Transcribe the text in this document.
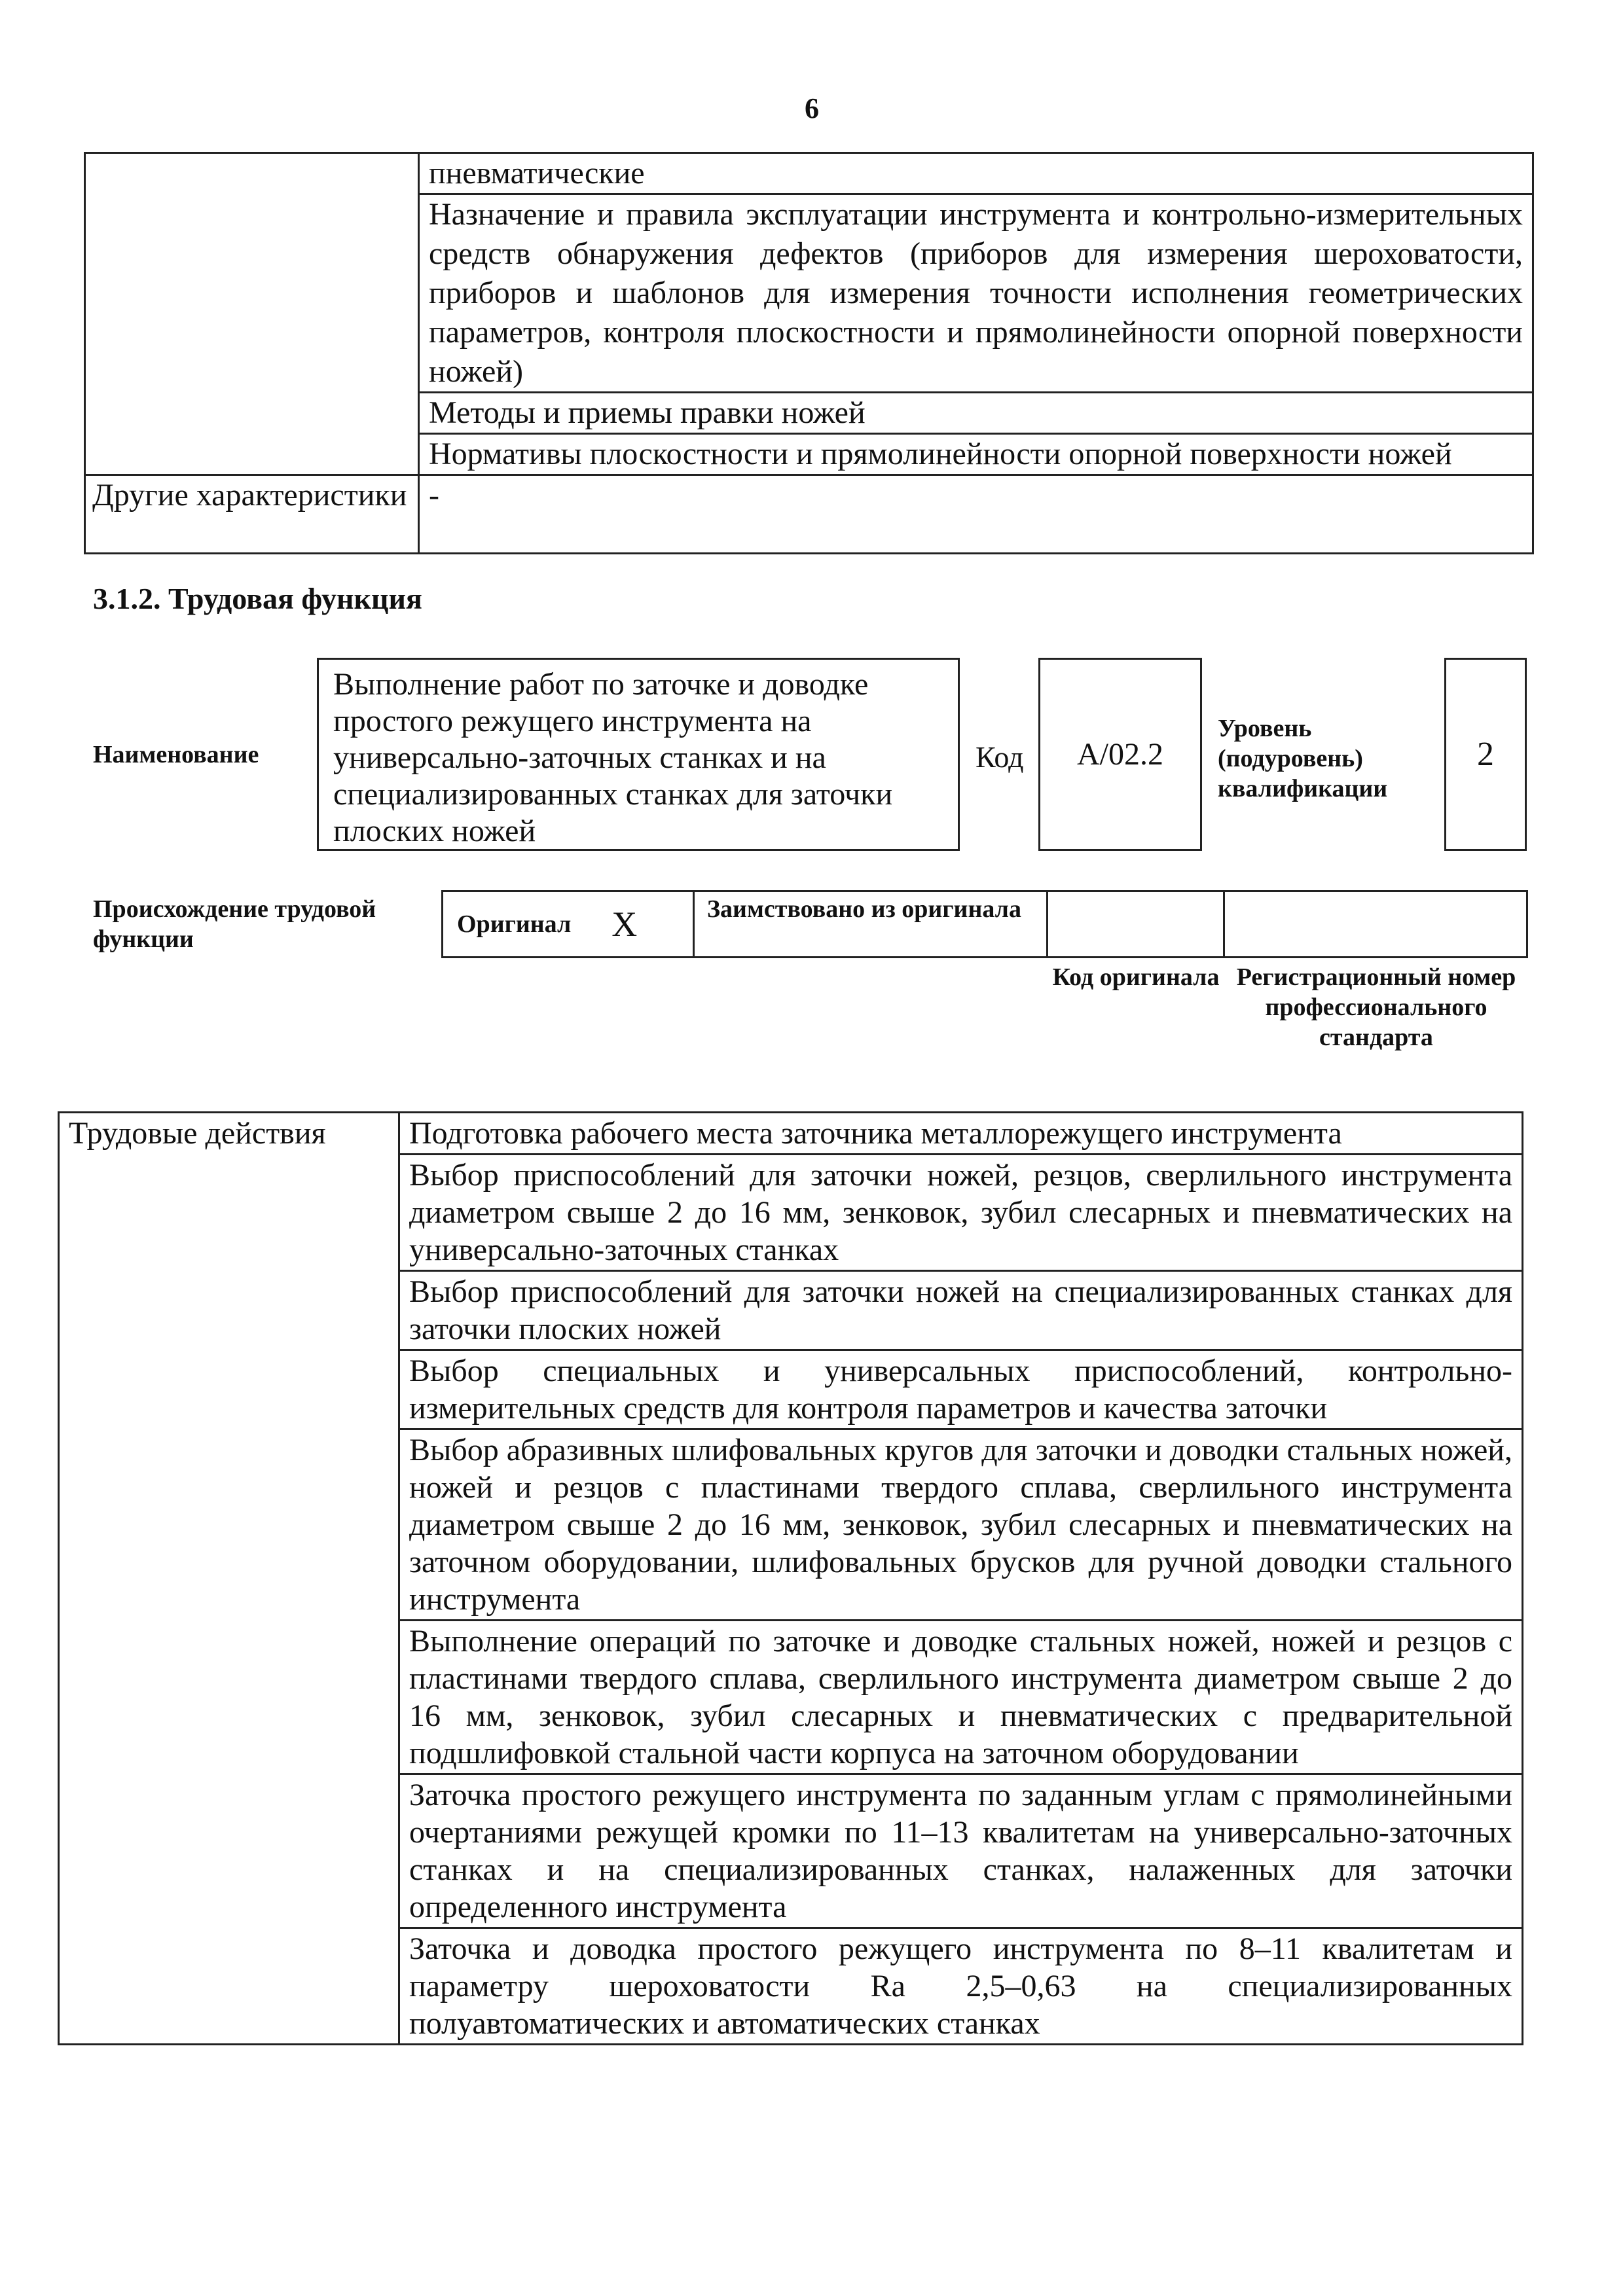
6
	пневматические
	Назначение и правила эксплуатации инструмента и контрольно-измерительных средств обнаружения дефектов (приборов для измерения шероховатости, приборов и шаблонов для измерения точности исполнения геометрических параметров, контроля плоскостности и прямолинейности опорной поверхности ножей)
	Методы и приемы правки ножей
	Нормативы плоскостности и прямолинейности опорной поверхности ножей
Другие характеристики	-
3.1.2. Трудовая функция
Наименование
Выполнение работ по заточке и доводке простого режущего инструмента на универсально-заточных станках и на специализированных станках для заточки плоских ножей
Код А/02.2
Уровень (подуровень) квалификации
2
Происхождение трудовой функции
Оригинал X	Заимствовано из оригинала
Код оригинала Регистрационный номер профессионального стандарта
Трудовые действия	Подготовка рабочего места заточника металлорежущего инструмента
Выбор приспособлений для заточки ножей, резцов, сверлильного инструмента диаметром свыше 2 до 16 мм, зенковок, зубил слесарных и пневматических на универсально-заточных станках
Выбор приспособлений для заточки ножей на специализированных станках для заточки плоских ножей
Выбор специальных и универсальных приспособлений, контрольно-измерительных средств для контроля параметров и качества заточки
Выбор абразивных шлифовальных кругов для заточки и доводки стальных ножей, ножей и резцов с пластинами твердого сплава, сверлильного инструмента диаметром свыше 2 до 16 мм, зенковок, зубил слесарных и пневматических на заточном оборудовании, шлифовальных брусков для ручной доводки стального инструмента
Выполнение операций по заточке и доводке стальных ножей, ножей и резцов с пластинами твердого сплава, сверлильного инструмента диаметром свыше 2 до 16 мм, зенковок, зубил слесарных и пневматических с предварительной подшлифовкой стальной части корпуса на заточном оборудовании
Заточка простого режущего инструмента по заданным углам с прямолинейными очертаниями режущей кромки по 11–13 квалитетам на универсально-заточных станках и на специализированных станках, налаженных для заточки определенного инструмента
Заточка и доводка простого режущего инструмента по 8–11 квалитетам и параметру шероховатости Ra 2,5–0,63 на специализированных полуавтоматических и автоматических станках
